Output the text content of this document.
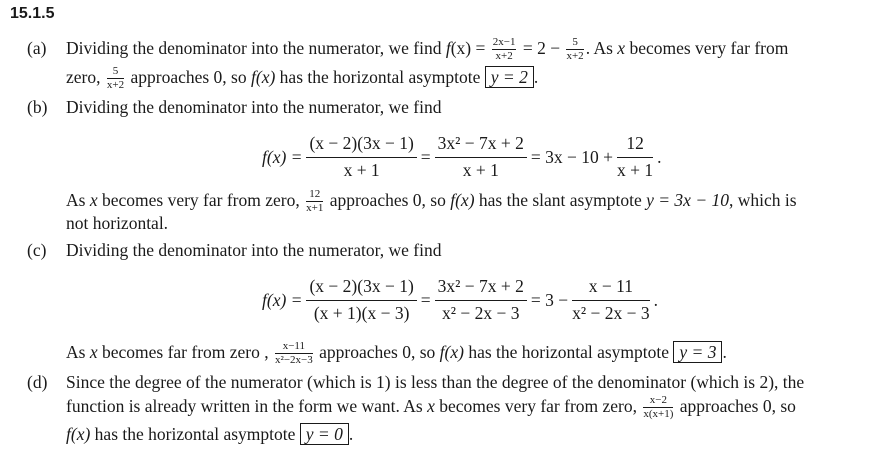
15.1.5
(a) Dividing the denominator into the numerator, we find $f(x) = \frac{2x-1}{x+2} = 2 - \frac{5}{x+2}$ . As x becomes very far from
zero, $\frac{5}{x+2}$ approaches 0, so f(x) has the horizontal asymptote y = 2 .
(b) Dividing the denominator into the numerator, we find
$f(x) = \frac{(x - 2)(3x - 1)}{x + 1} = \frac{\text{3x² − 7x + 2}}{x + 1} = 3x - 10 + \frac{12}{x + 1}$ .
As x becomes very far from zero, $\frac{12}{x+1}$ approaches 0, so f(x) has the slant asymptote y = 3x − 10, which is
not horizontal.
(c) Dividing the denominator into the numerator, we find
$f(x) = \frac{(x - 2)(3x - 1)}{(x + 1)(x - 3)} = \frac{\text{3x² − 7x + 2}}{\text{x² − 2x − 3}} = 3 - \frac{x - 11}{\text{x² − 2x − 3}}$ .
As x becomes far from zero , $\frac{x-11}{\text{x²−2x−3}}$ approaches 0, so f(x) has the horizontal asymptote y = 3 .
(d) Since the degree of the numerator (which is 1) is less than the degree of the denominator (which is 2), the
function is already written in the form we want. As x becomes very far from zero, $\frac{x-2}{x(x+1)}$ approaches 0, so
f(x) has the horizontal asymptote y = 0 .
